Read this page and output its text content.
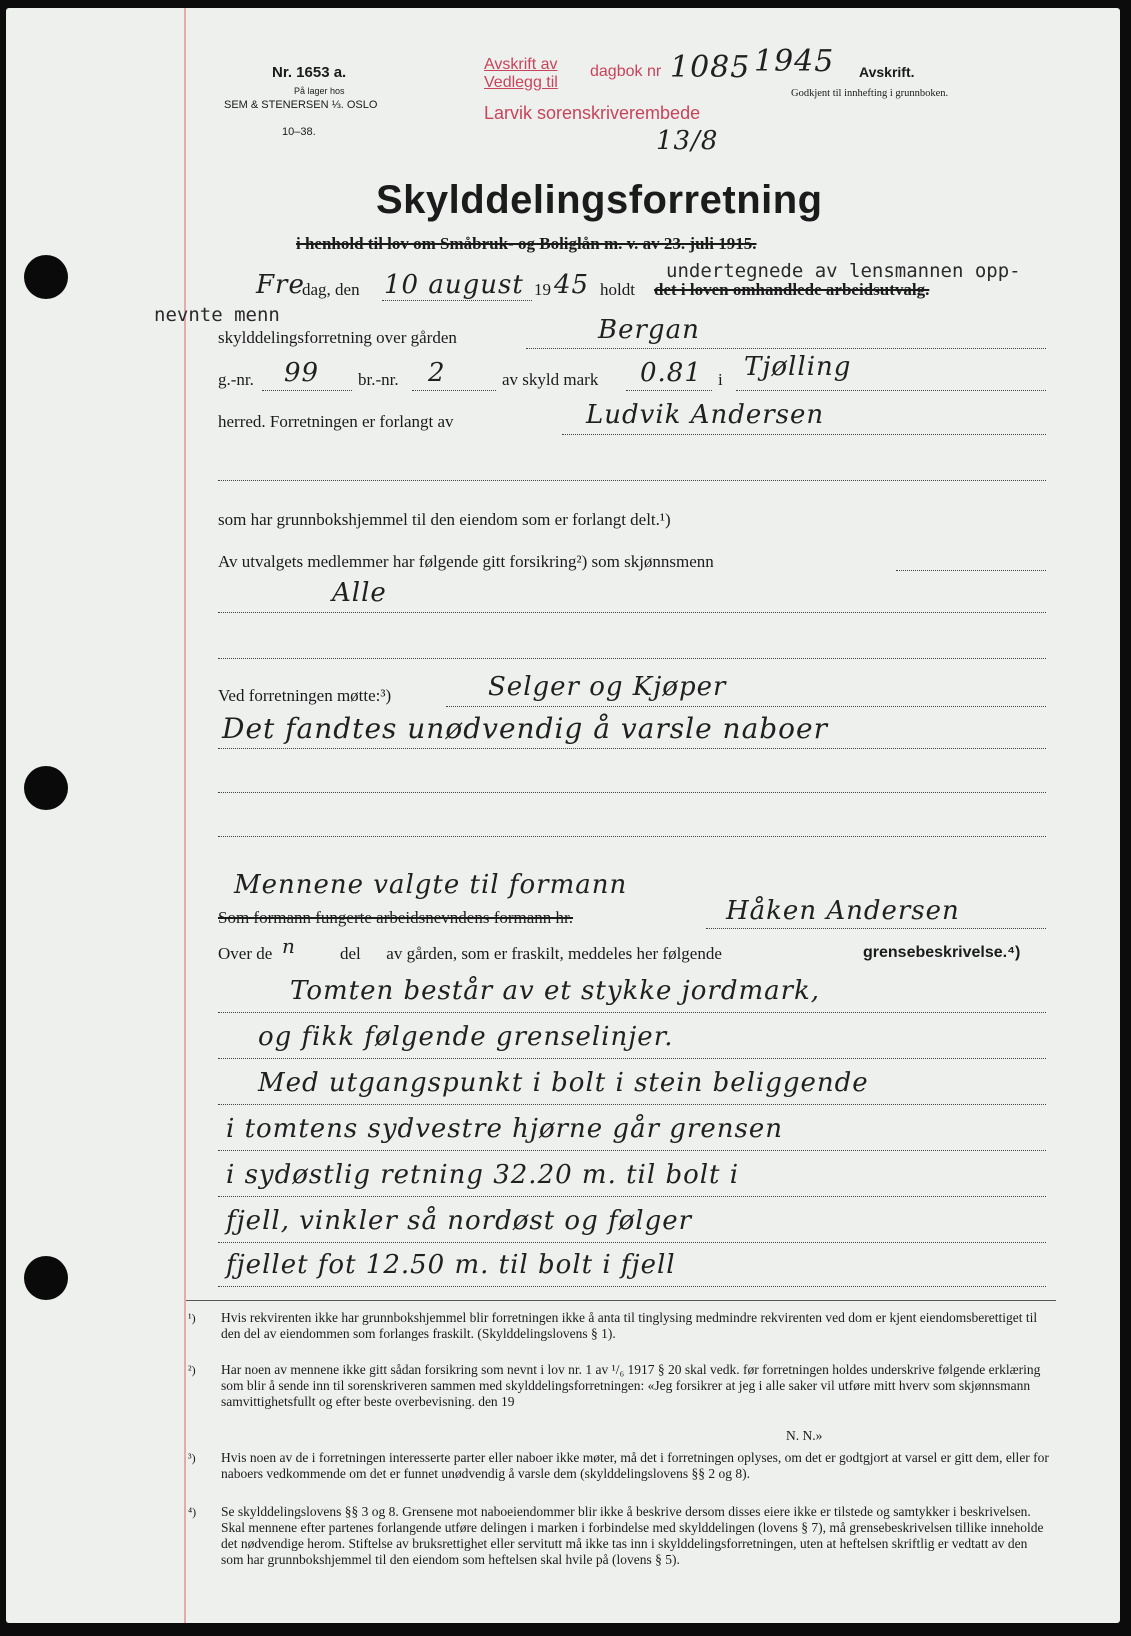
Nr. 1653 a.
På lager hos
SEM & STENERSEN ⅓. OSLO
10–38.
Avskrift av
Vedlegg til
dagbok nr
Larvik sorenskriverembede
1085 1945
13/8
Avskrift.
Godkjent til innhefting i grunnboken.
Skylddelingsforretning
i henhold til lov om Småbruk- og Boliglån m. v. av 23. juli 1915.
Fre
dag, den 10 august 19 45 holdt det i loven omhandlede arbeidsutvalg.
undertegnede av lensmannen opp-
nevnte menn
skylddelingsforretning over gården	Bergan
g.-nr. 99 br.-nr. 2	av skyld mark 0.81 i Tjølling
herred. Forretningen er forlangt av	Ludvik Andersen
som har grunnbokshjemmel til den eiendom som er forlangt delt.¹)
Av utvalgets medlemmer har følgende gitt forsikring²) som skjønnsmenn
Alle
Ved forretningen møtte:³)	Selger og Kjøper
Det fandtes unødvendig å varsle naboer
Mennene valgte til formann
Som formann fungerte arbeidsnevndens formann hr.	Håken Andersen
Over de n	del      av gården, som er fraskilt, meddeles her følgende	grensebeskrivelse.⁴)
Tomten består av et stykke jordmark,
og fikk følgende grenselinjer.
Med utgangspunkt i bolt i stein beliggende
i tomtens sydvestre hjørne går grensen
i sydøstlig retning 32.20 m. til bolt i
fjell, vinkler så nordøst og følger
fjellet fot 12.50 m. til bolt i fjell
¹) Hvis rekvirenten ikke har grunnbokshjemmel blir forretningen ikke å anta til tinglysing medmindre rekvirenten ved dom er kjent eiendomsberettiget til den del av eiendommen som forlanges fraskilt. (Skylddelingslovens § 1).
²) Har noen av mennene ikke gitt sådan forsikring som nevnt i lov nr. 1 av ¹/₆ 1917 § 20 skal vedk. før forretningen holdes underskrive følgende erklæring som blir å sende inn til sorenskriveren sammen med skylddelingsforretningen: «Jeg forsikrer at jeg i alle saker vil utføre mitt hverv som skjønnsmann samvittighetsfullt og efter beste overbevisning. den 19
N. N.»
³) Hvis noen av de i forretningen interesserte parter eller naboer ikke møter, må det i forretningen oplyses, om det er godtgjort at varsel er gitt dem, eller for naboers vedkommende om det er funnet unødvendig å varsle dem (skylddelingslovens §§ 2 og 8).
⁴) Se skylddelingslovens §§ 3 og 8. Grensene mot naboeiendommer blir ikke å beskrive dersom disses eiere ikke er tilstede og samtykker i beskrivelsen. Skal mennene efter partenes forlangende utføre delingen i marken i forbindelse med skylddelingen (lovens § 7), må grensebeskrivelsen tillike inneholde det nødvendige herom. Stiftelse av bruksrettighet eller servitutt må ikke tas inn i skylddelingsforretningen, uten at heftelsen skriftlig er vedtatt av den som har grunnbokshjemmel til den eiendom som heftelsen skal hvile på (lovens § 5).
